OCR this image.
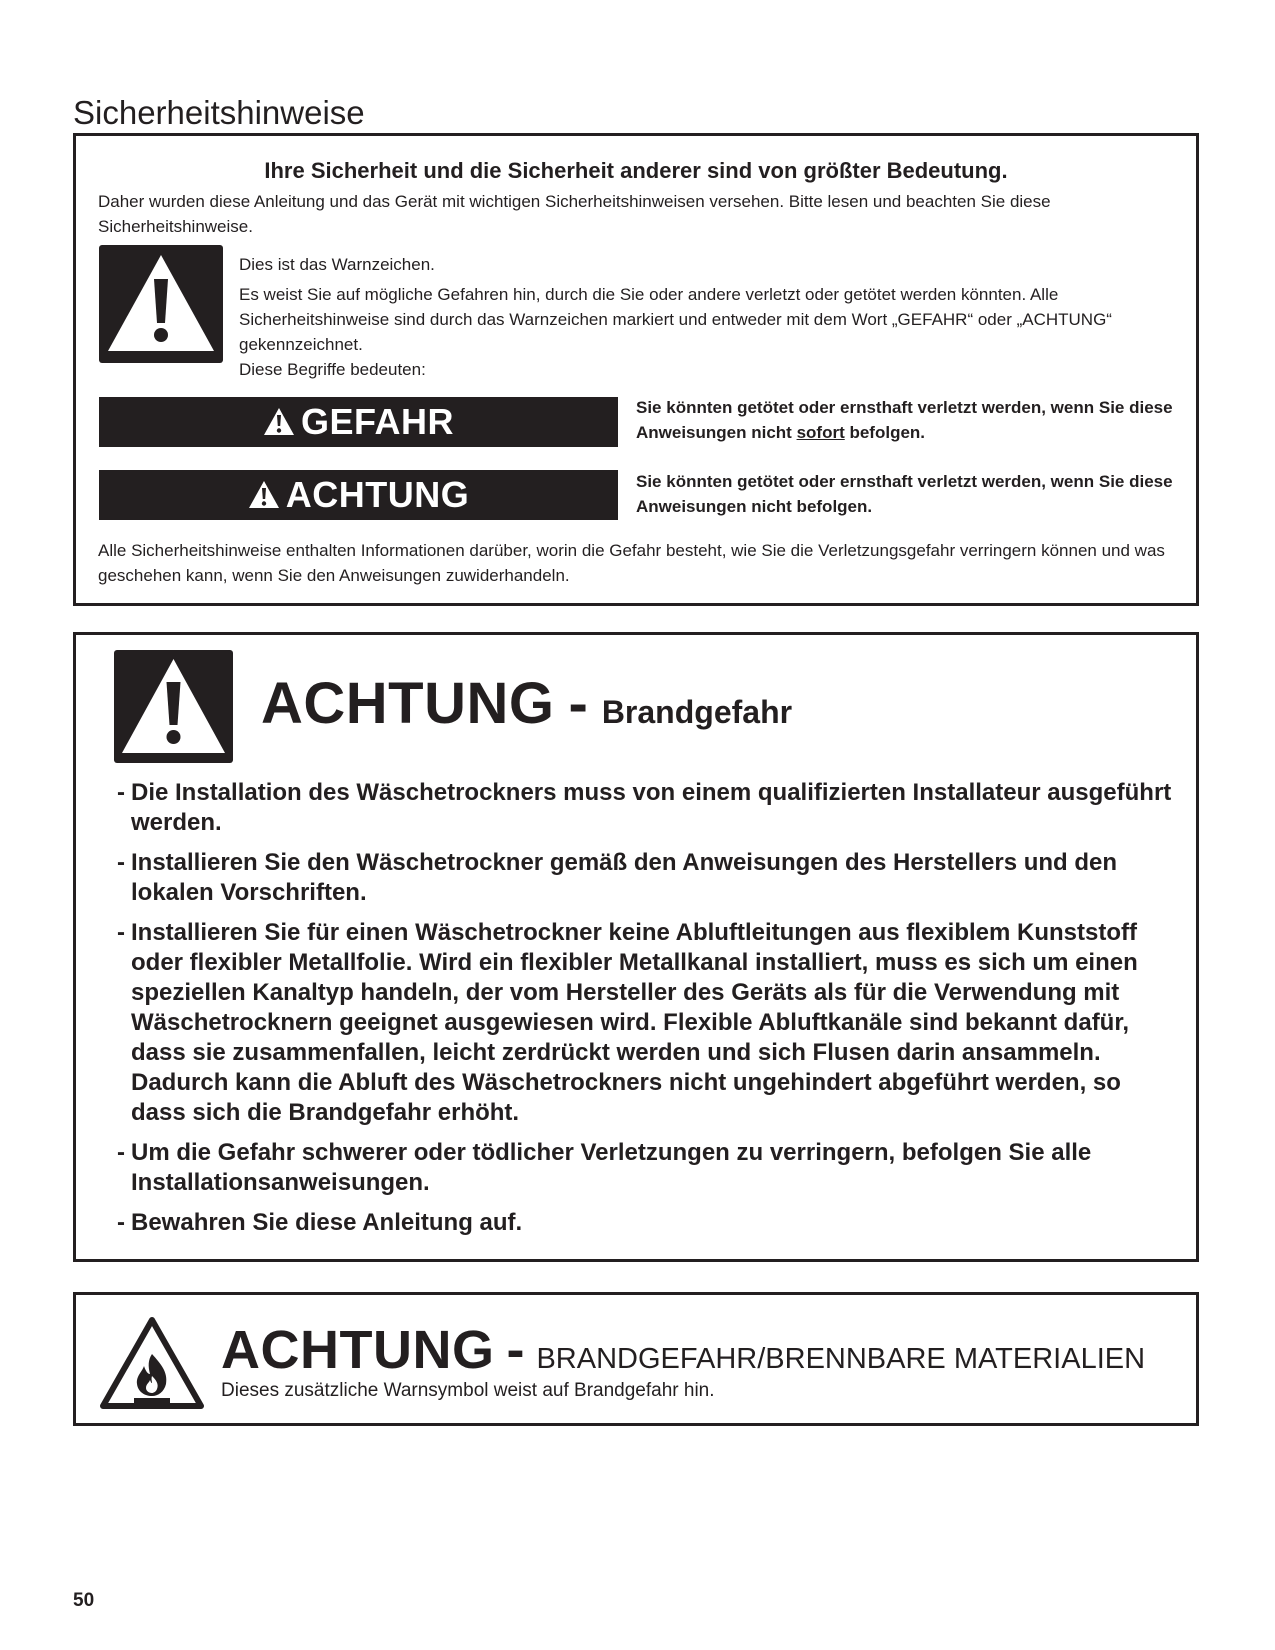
Sicherheitshinweise
Ihre Sicherheit und die Sicherheit anderer sind von größter Bedeutung.
Daher wurden diese Anleitung und das Gerät mit wichtigen Sicherheitshinweisen versehen. Bitte lesen und beachten Sie diese Sicherheitshinweise.
Dies ist das Warnzeichen.
Es weist Sie auf mögliche Gefahren hin, durch die Sie oder andere verletzt oder getötet werden könnten. Alle Sicherheitshinweise sind durch das Warnzeichen markiert und entweder mit dem Wort „GEFAHR“ oder „ACHTUNG“ gekennzeichnet.
Diese Begriffe bedeuten:
GEFAHR	Sie könnten getötet oder ernsthaft verletzt werden, wenn Sie diese Anweisungen nicht sofort befolgen.
ACHTUNG	Sie könnten getötet oder ernsthaft verletzt werden, wenn Sie diese Anweisungen nicht befolgen.
Alle Sicherheitshinweise enthalten Informationen darüber, worin die Gefahr besteht, wie Sie die Verletzungsgefahr verringern können und was geschehen kann, wenn Sie den Anweisungen zuwiderhandeln.
ACHTUNG - Brandgefahr
- Die Installation des Wäschetrockners muss von einem qualifizierten Installateur ausgeführt werden.
- Installieren Sie den Wäschetrockner gemäß den Anweisungen des Herstellers und den lokalen Vorschriften.
- Installieren Sie für einen Wäschetrockner keine Abluftleitungen aus flexiblem Kunststoff oder flexibler Metallfolie. Wird ein flexibler Metallkanal installiert, muss es sich um einen speziellen Kanaltyp handeln, der vom Hersteller des Geräts als für die Verwendung mit Wäschetrocknern geeignet ausgewiesen wird. Flexible Abluftkanäle sind bekannt dafür, dass sie zusammenfallen, leicht zerdrückt werden und sich Flusen darin ansammeln. Dadurch kann die Abluft des Wäschetrockners nicht ungehindert abgeführt werden, so dass sich die Brandgefahr erhöht.
- Um die Gefahr schwerer oder tödlicher Verletzungen zu verringern, befolgen Sie alle Installationsanweisungen.
- Bewahren Sie diese Anleitung auf.
ACHTUNG - BRANDGEFAHR/BRENNBARE MATERIALIEN
Dieses zusätzliche Warnsymbol weist auf Brandgefahr hin.
50
